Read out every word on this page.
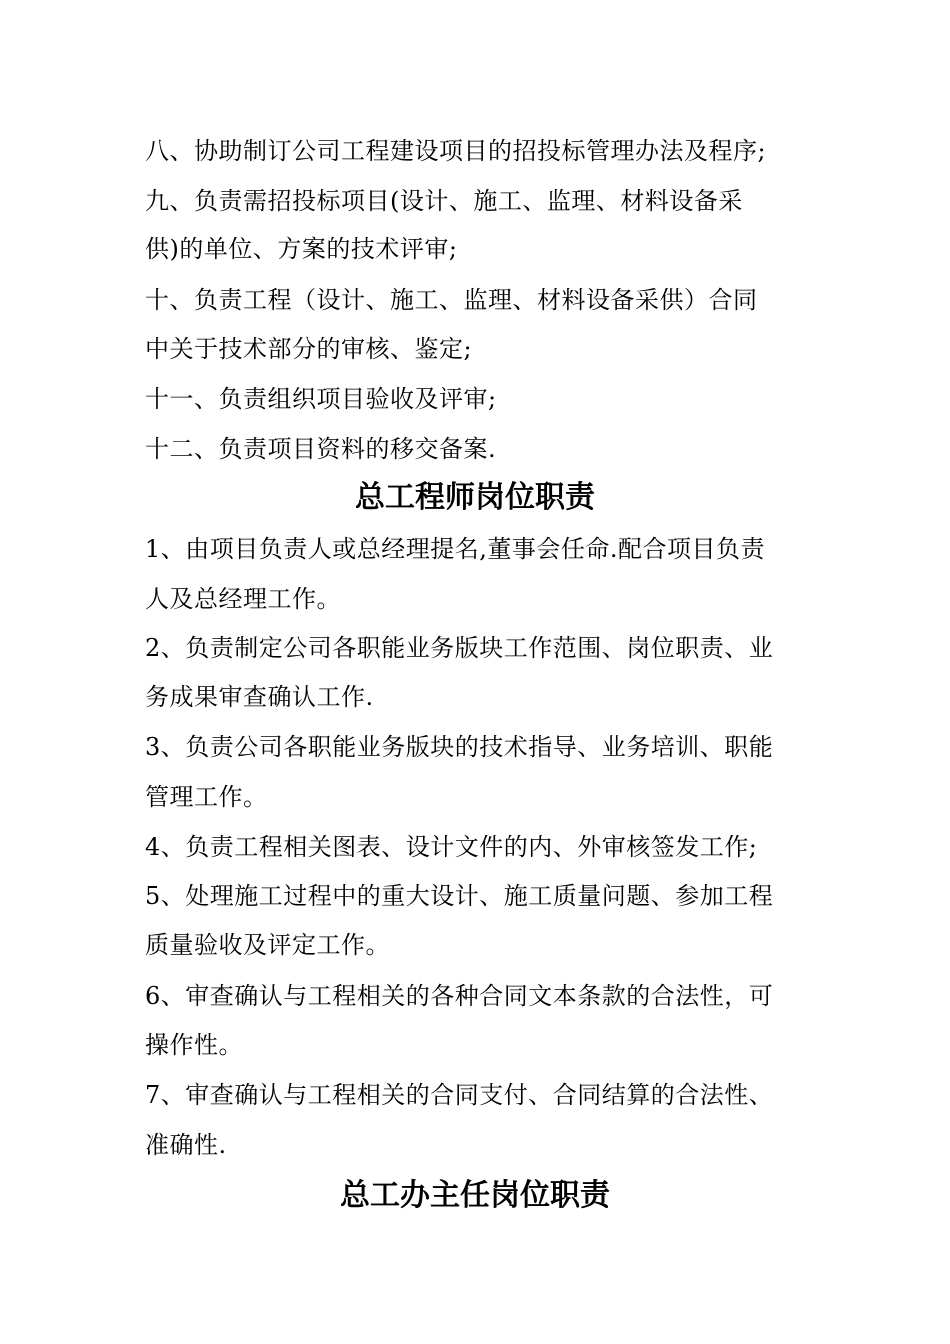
八、协助制订公司工程建设项目的招投标管理办法及程序;
九、负责需招投标项目(设计、施工、监理、材料设备采
供)的单位、方案的技术评审;
十、负责工程（设计、施工、监理、材料设备采供）合同
中关于技术部分的审核、鉴定;
十一、负责组织项目验收及评审;
十二、负责项目资料的移交备案.
总工程师岗位职责
1、由项目负责人或总经理提名,董事会任命.配合项目负责
人及总经理工作。
2、负责制定公司各职能业务版块工作范围、岗位职责、业
务成果审查确认工作.
3、负责公司各职能业务版块的技术指导、业务培训、职能
管理工作。
4、负责工程相关图表、设计文件的内、外审核签发工作;
5、处理施工过程中的重大设计、施工质量问题、参加工程
质量验收及评定工作。
6、审查确认与工程相关的各种合同文本条款的合法性，可
操作性。
7、审查确认与工程相关的合同支付、合同结算的合法性、
准确性.
总工办主任岗位职责
